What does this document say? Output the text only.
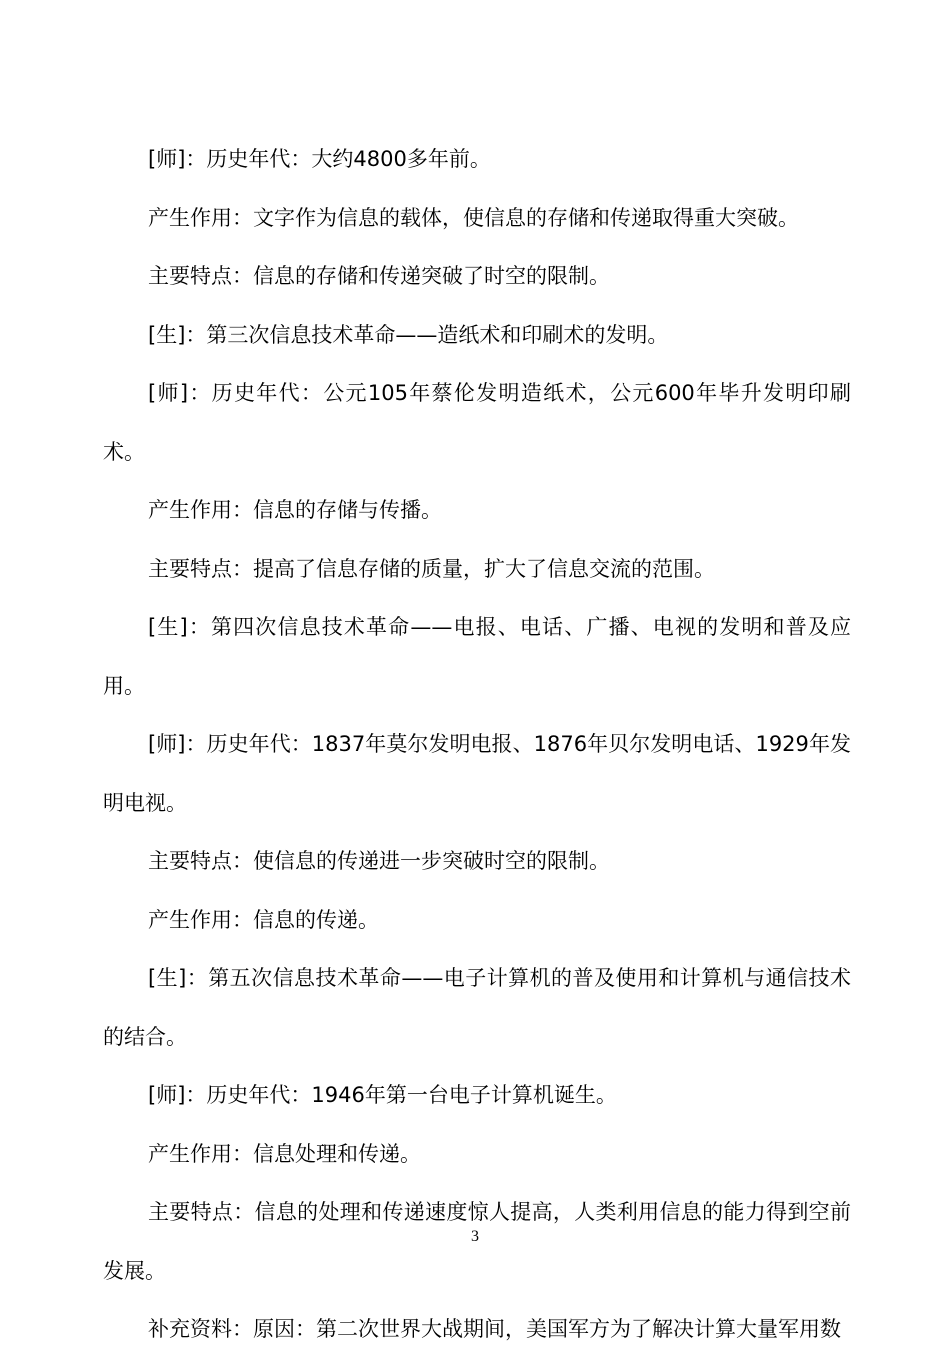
[师]：历史年代：大约4800多年前。

产生作用：文字作为信息的载体，使信息的存储和传递取得重大突破。

主要特点：信息的存储和传递突破了时空的限制。

[生]：第三次信息技术革命——造纸术和印刷术的发明。

[师]：历史年代：公元105年蔡伦发明造纸术，公元600年毕升发明印刷术。

产生作用：信息的存储与传播。

主要特点：提高了信息存储的质量，扩大了信息交流的范围。

[生]：第四次信息技术革命——电报、电话、广播、电视的发明和普及应用。

[师]：历史年代：1837年莫尔发明电报、1876年贝尔发明电话、1929年发明电视。

主要特点：使信息的传递进一步突破时空的限制。

产生作用：信息的传递。

[生]：第五次信息技术革命——电子计算机的普及使用和计算机与通信技术的结合。

[师]：历史年代：1946年第一台电子计算机诞生。

产生作用：信息处理和传递。

主要特点：信息的处理和传递速度惊人提高，人类利用信息的能力得到空前发展。

补充资料：原因：第二次世界大战期间，美国军方为了解决计算大量军用数

3
